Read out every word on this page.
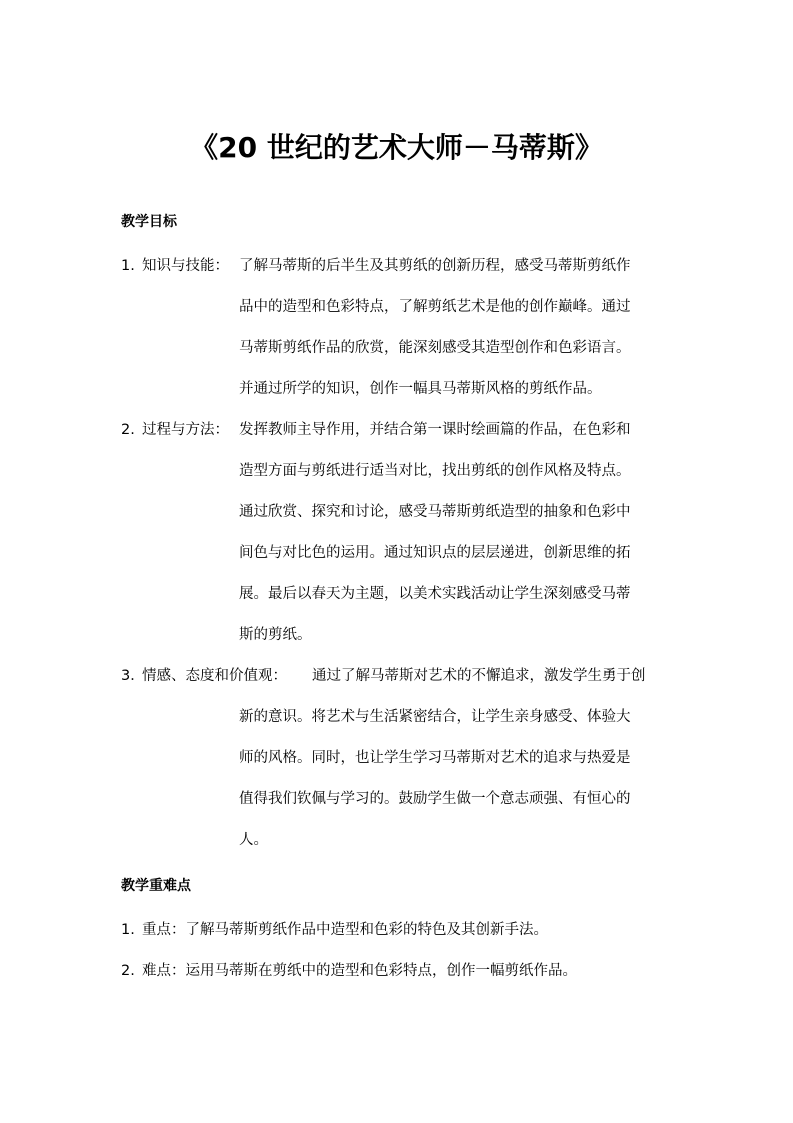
《20 世纪的艺术大师－马蒂斯》
教学目标
1. 知识与技能： 了解马蒂斯的后半生及其剪纸的创新历程，感受马蒂斯剪纸作
品中的造型和色彩特点，了解剪纸艺术是他的创作巅峰。通过
马蒂斯剪纸作品的欣赏，能深刻感受其造型创作和色彩语言。
并通过所学的知识，创作一幅具马蒂斯风格的剪纸作品。
2. 过程与方法： 发挥教师主导作用，并结合第一课时绘画篇的作品，在色彩和
造型方面与剪纸进行适当对比，找出剪纸的创作风格及特点。
通过欣赏、探究和讨论，感受马蒂斯剪纸造型的抽象和色彩中
间色与对比色的运用。通过知识点的层层递进，创新思维的拓
展。最后以春天为主题，以美术实践活动让学生深刻感受马蒂
斯的剪纸。
3．
情感、态度和价值观： 通过了解马蒂斯对艺术的不懈追求，激发学生勇于创
新的意识。将艺术与生活紧密结合，让学生亲身感受、体验大
师的风格。同时，也让学生学习马蒂斯对艺术的追求与热爱是
值得我们钦佩与学习的。鼓励学生做一个意志顽强、有恒心的
人。
教学重难点
1. 重点：了解马蒂斯剪纸作品中造型和色彩的特色及其创新手法。
2. 难点：运用马蒂斯在剪纸中的造型和色彩特点，创作一幅剪纸作品。
